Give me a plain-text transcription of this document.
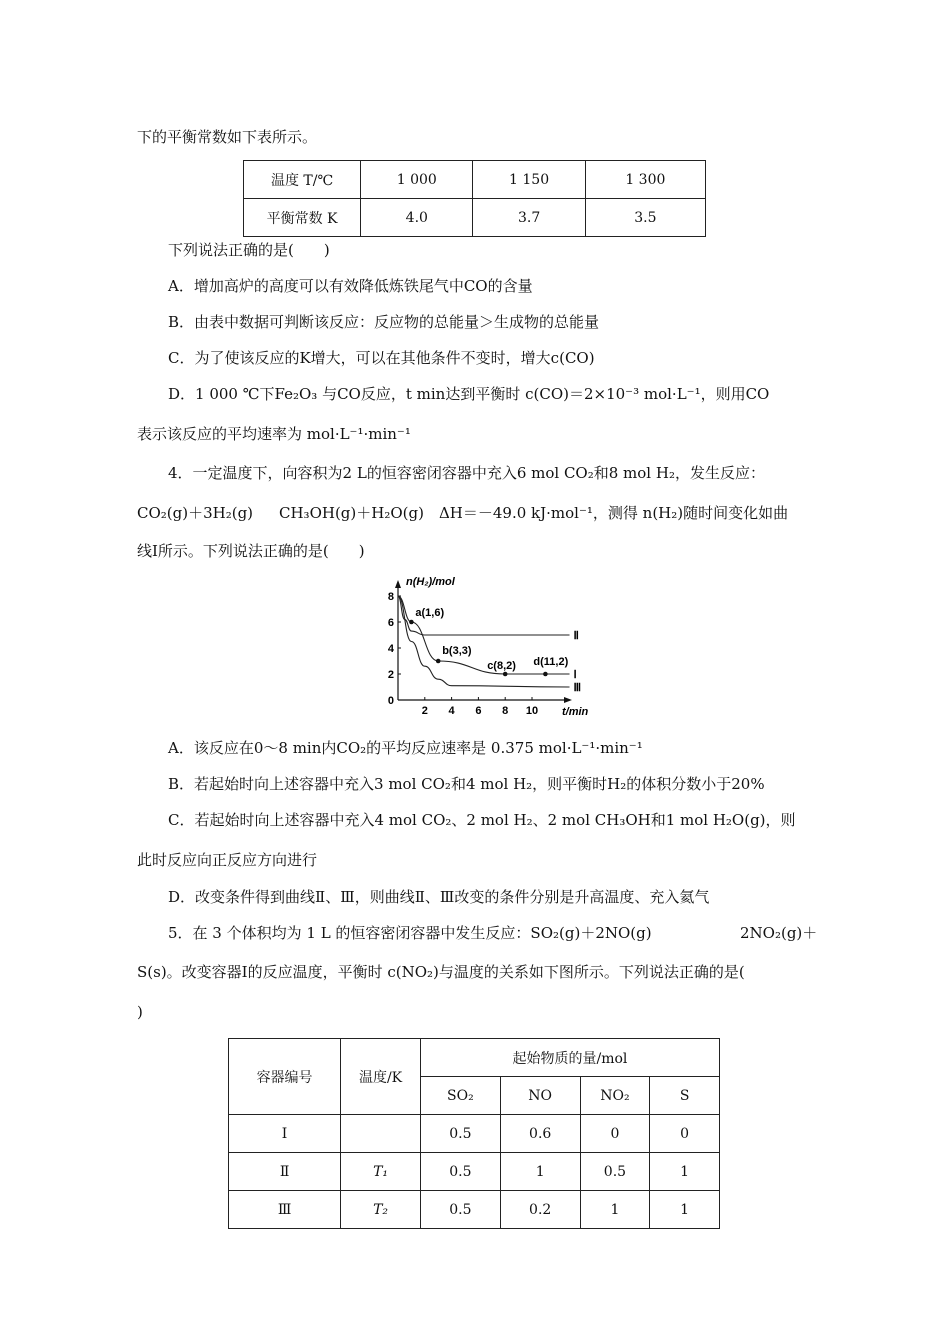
下的平衡常数如下表所示。
温度 T/℃	1 000	1 150	1 300
平衡常数 K	4.0	3.7	3.5
下列说法正确的是(　　)
A．增加高炉的高度可以有效降低炼铁尾气中CO的含量
B．由表中数据可判断该反应：反应物的总能量＞生成物的总能量
C．为了使该反应的K增大，可以在其他条件不变时，增大c(CO)
D．1 000 ℃下Fe₂O₃ 与CO反应，t min达到平衡时 c(CO)＝2×10⁻³ mol·L⁻¹，则用CO
表示该反应的平均速率为 mol·L⁻¹·min⁻¹
4．一定温度下，向容积为2 L的恒容密闭容器中充入6 mol CO₂和8 mol H₂，发生反应：
CO₂(g)＋3H₂(g) CH₃OH(g)＋H₂O(g)　ΔH＝－49.0 kJ·mol⁻¹，测得 n(H₂)随时间变化如曲
线Ⅰ所示。下列说法正确的是(　　)
n(H₂)/mol
t/min
2 4 6 8 10
0
2
4
6
8
Ⅰ
Ⅱ
Ⅲ
a(1,6)
b(3,3)
c(8,2) d(11,2)
A．该反应在0～8 min内CO₂的平均反应速率是 0.375 mol·L⁻¹·min⁻¹
B．若起始时向上述容器中充入3 mol CO₂和4 mol H₂，则平衡时H₂的体积分数小于20%
C．若起始时向上述容器中充入4 mol CO₂、2 mol H₂、2 mol CH₃OH和1 mol H₂O(g)，则
此时反应向正反应方向进行
D．改变条件得到曲线Ⅱ、Ⅲ，则曲线Ⅱ、Ⅲ改变的条件分别是升高温度、充入氦气
5．在 3 个体积均为 1 L 的恒容密闭容器中发生反应：SO₂(g)＋2NO(g)	2NO₂(g)＋
S(s)。改变容器Ⅰ的反应温度，平衡时 c(NO₂)与温度的关系如下图所示。下列说法正确的是(
)
容器编号	温度/K	起始物质的量/mol			
		SO₂	NO	NO₂	S
Ⅰ		0.5	0.6	0	0
Ⅱ	T₁	0.5	1	0.5	1
Ⅲ	T₂	0.5	0.2	1	1
